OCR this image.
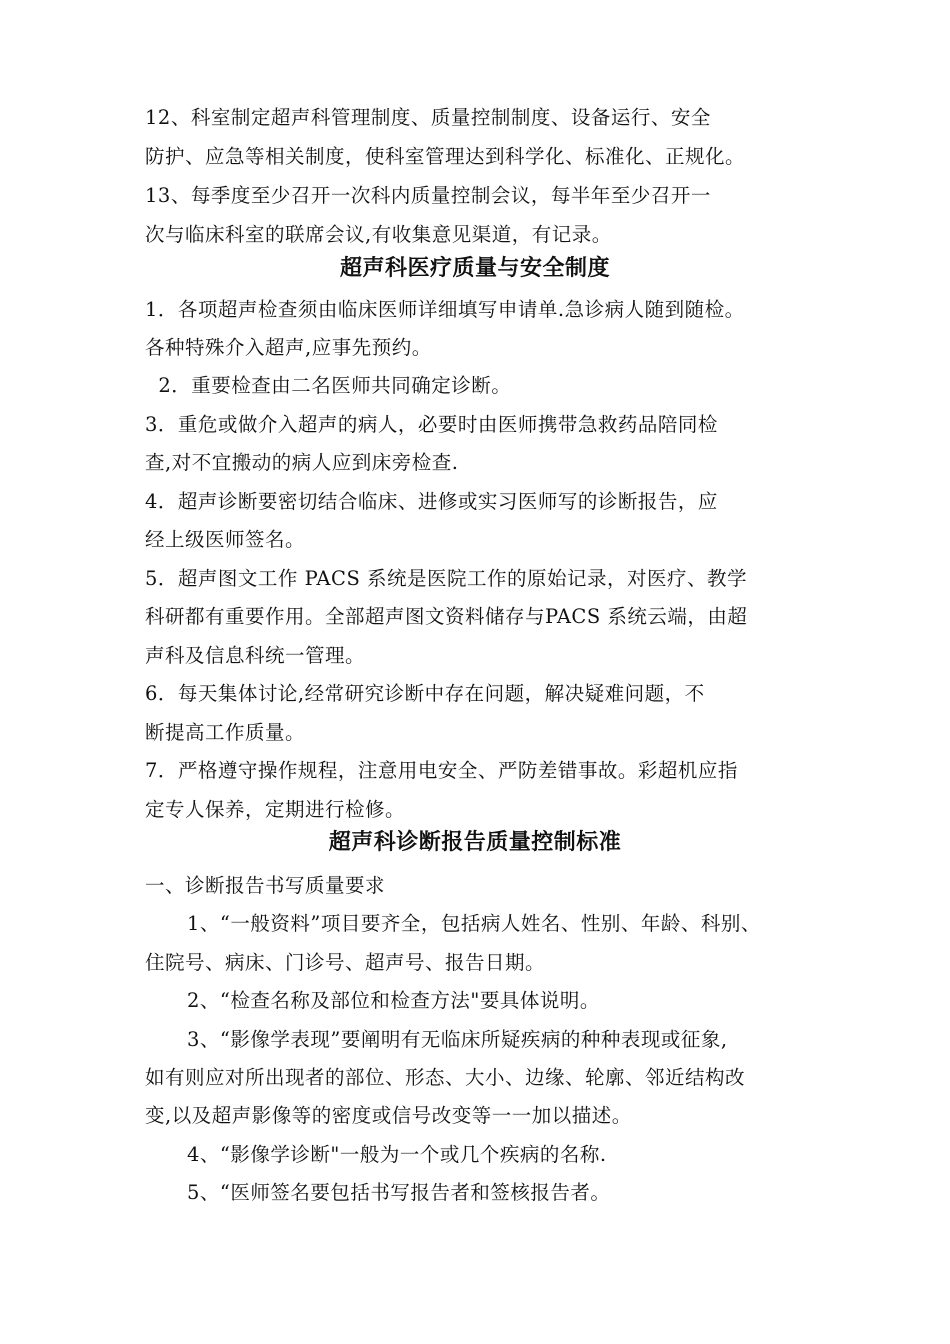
12、科室制定超声科管理制度、质量控制制度、设备运行、安全
防护、应急等相关制度，使科室管理达到科学化、标准化、正规化。
13、每季度至少召开一次科内质量控制会议，每半年至少召开一
次与临床科室的联席会议,有收集意见渠道，有记录。
超声科医疗质量与安全制度
1．各项超声检查须由临床医师详细填写申请单.急诊病人随到随检。
各种特殊介入超声,应事先预约。
2．重要检查由二名医师共同确定诊断。
3．重危或做介入超声的病人，必要时由医师携带急救药品陪同检
查,对不宜搬动的病人应到床旁检查.
4．超声诊断要密切结合临床、进修或实习医师写的诊断报告，应
经上级医师签名。
5．超声图文工作 PACS 系统是医院工作的原始记录，对医疗、教学
科研都有重要作用。全部超声图文资料储存与PACS 系统云端，由超
声科及信息科统一管理。
6．每天集体讨论,经常研究诊断中存在问题，解决疑难问题，不
断提高工作质量。
7．严格遵守操作规程，注意用电安全、严防差错事故。彩超机应指
定专人保养，定期进行检修。
超声科诊断报告质量控制标准
一、诊断报告书写质量要求
1、“一般资料”项目要齐全，包括病人姓名、性别、年龄、科别、
住院号、病床、门诊号、超声号、报告日期。
2、“检查名称及部位和检查方法"要具体说明。
3、“影像学表现”要阐明有无临床所疑疾病的种种表现或征象,
如有则应对所出现者的部位、形态、大小、边缘、轮廓、邻近结构改
变,以及超声影像等的密度或信号改变等一一加以描述。
4、“影像学诊断"一般为一个或几个疾病的名称.
5、“医师签名要包括书写报告者和签核报告者。
